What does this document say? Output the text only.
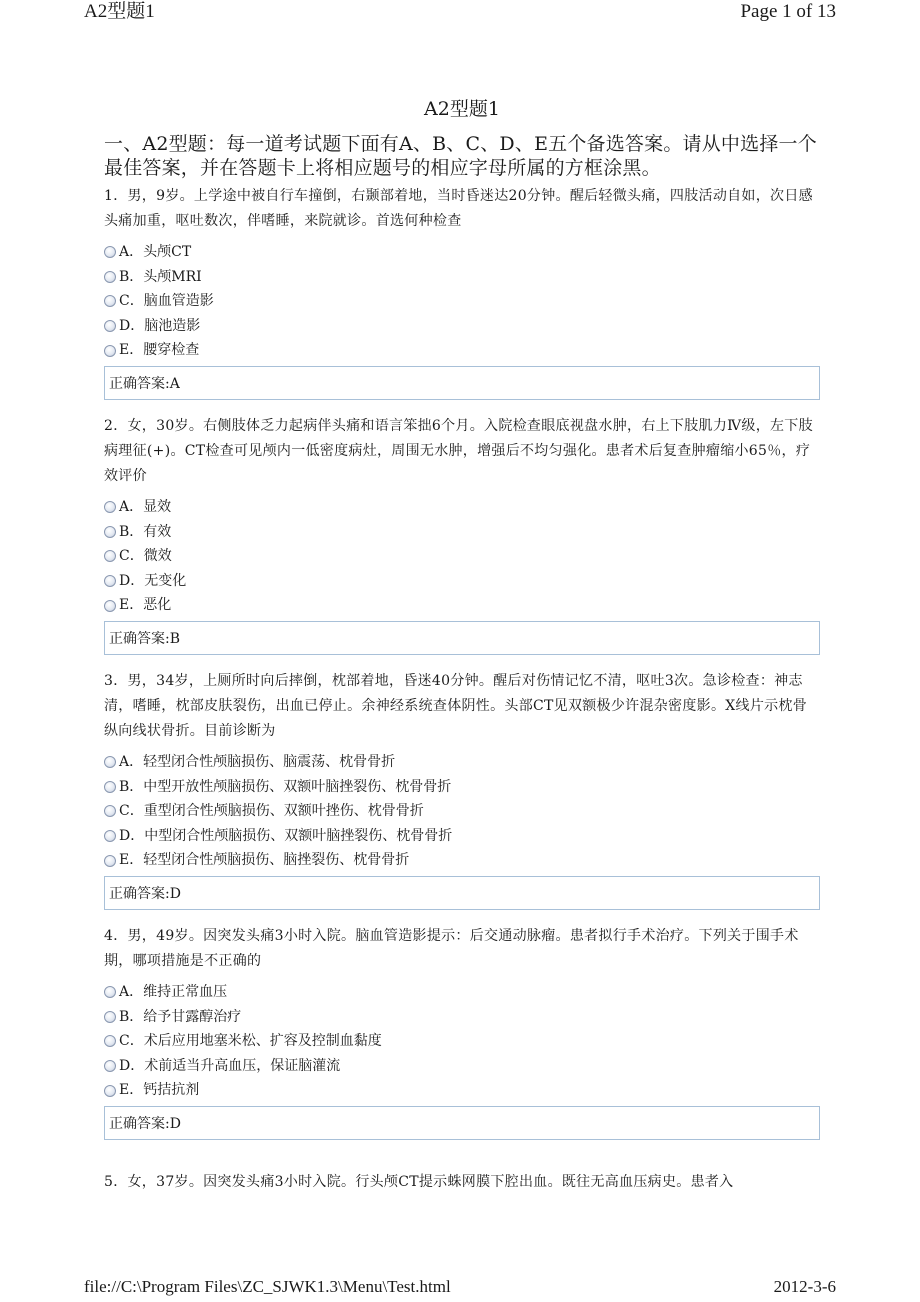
A2型题1	Page 1 of 13
A2型题1
一、A2型题：每一道考试题下面有A、B、C、D、E五个备选答案。请从中选择一个最佳答案，并在答题卡上将相应题号的相应字母所属的方框涂黑。
1．男，9岁。上学途中被自行车撞倒，右颞部着地，当时昏迷达20分钟。醒后轻微头痛，四肢活动自如，次日感头痛加重，呕吐数次，伴嗜睡，来院就诊。首选何种检查
A．头颅CT
B．头颅MRI
C．脑血管造影
D．脑池造影
E．腰穿检查
正确答案:A
2．女，30岁。右侧肢体乏力起病伴头痛和语言笨拙6个月。入院检查眼底视盘水肿，右上下肢肌力Ⅳ级，左下肢病理征(+)。CT检查可见颅内一低密度病灶，周围无水肿，增强后不均匀强化。患者术后复查肿瘤缩小65％，疗效评价
A．显效
B．有效
C．微效
D．无变化
E．恶化
正确答案:B
3．男，34岁，上厕所时向后摔倒，枕部着地，昏迷40分钟。醒后对伤情记忆不清，呕吐3次。急诊检查：神志清，嗜睡，枕部皮肤裂伤，出血已停止。余神经系统查体阴性。头部CT见双额极少许混杂密度影。X线片示枕骨纵向线状骨折。目前诊断为
A．轻型闭合性颅脑损伤、脑震荡、枕骨骨折
B．中型开放性颅脑损伤、双额叶脑挫裂伤、枕骨骨折
C．重型闭合性颅脑损伤、双额叶挫伤、枕骨骨折
D．中型闭合性颅脑损伤、双额叶脑挫裂伤、枕骨骨折
E．轻型闭合性颅脑损伤、脑挫裂伤、枕骨骨折
正确答案:D
4．男，49岁。因突发头痛3小时入院。脑血管造影提示：后交通动脉瘤。患者拟行手术治疗。下列关于围手术期，哪项措施是不正确的
A．维持正常血压
B．给予甘露醇治疗
C．术后应用地塞米松、扩容及控制血黏度
D．术前适当升高血压，保证脑灌流
E．钙拮抗剂
正确答案:D
5．女，37岁。因突发头痛3小时入院。行头颅CT提示蛛网膜下腔出血。既往无高血压病史。患者入
file://C:\Program Files\ZC_SJWK1.3\Menu\Test.html	2012-3-6
